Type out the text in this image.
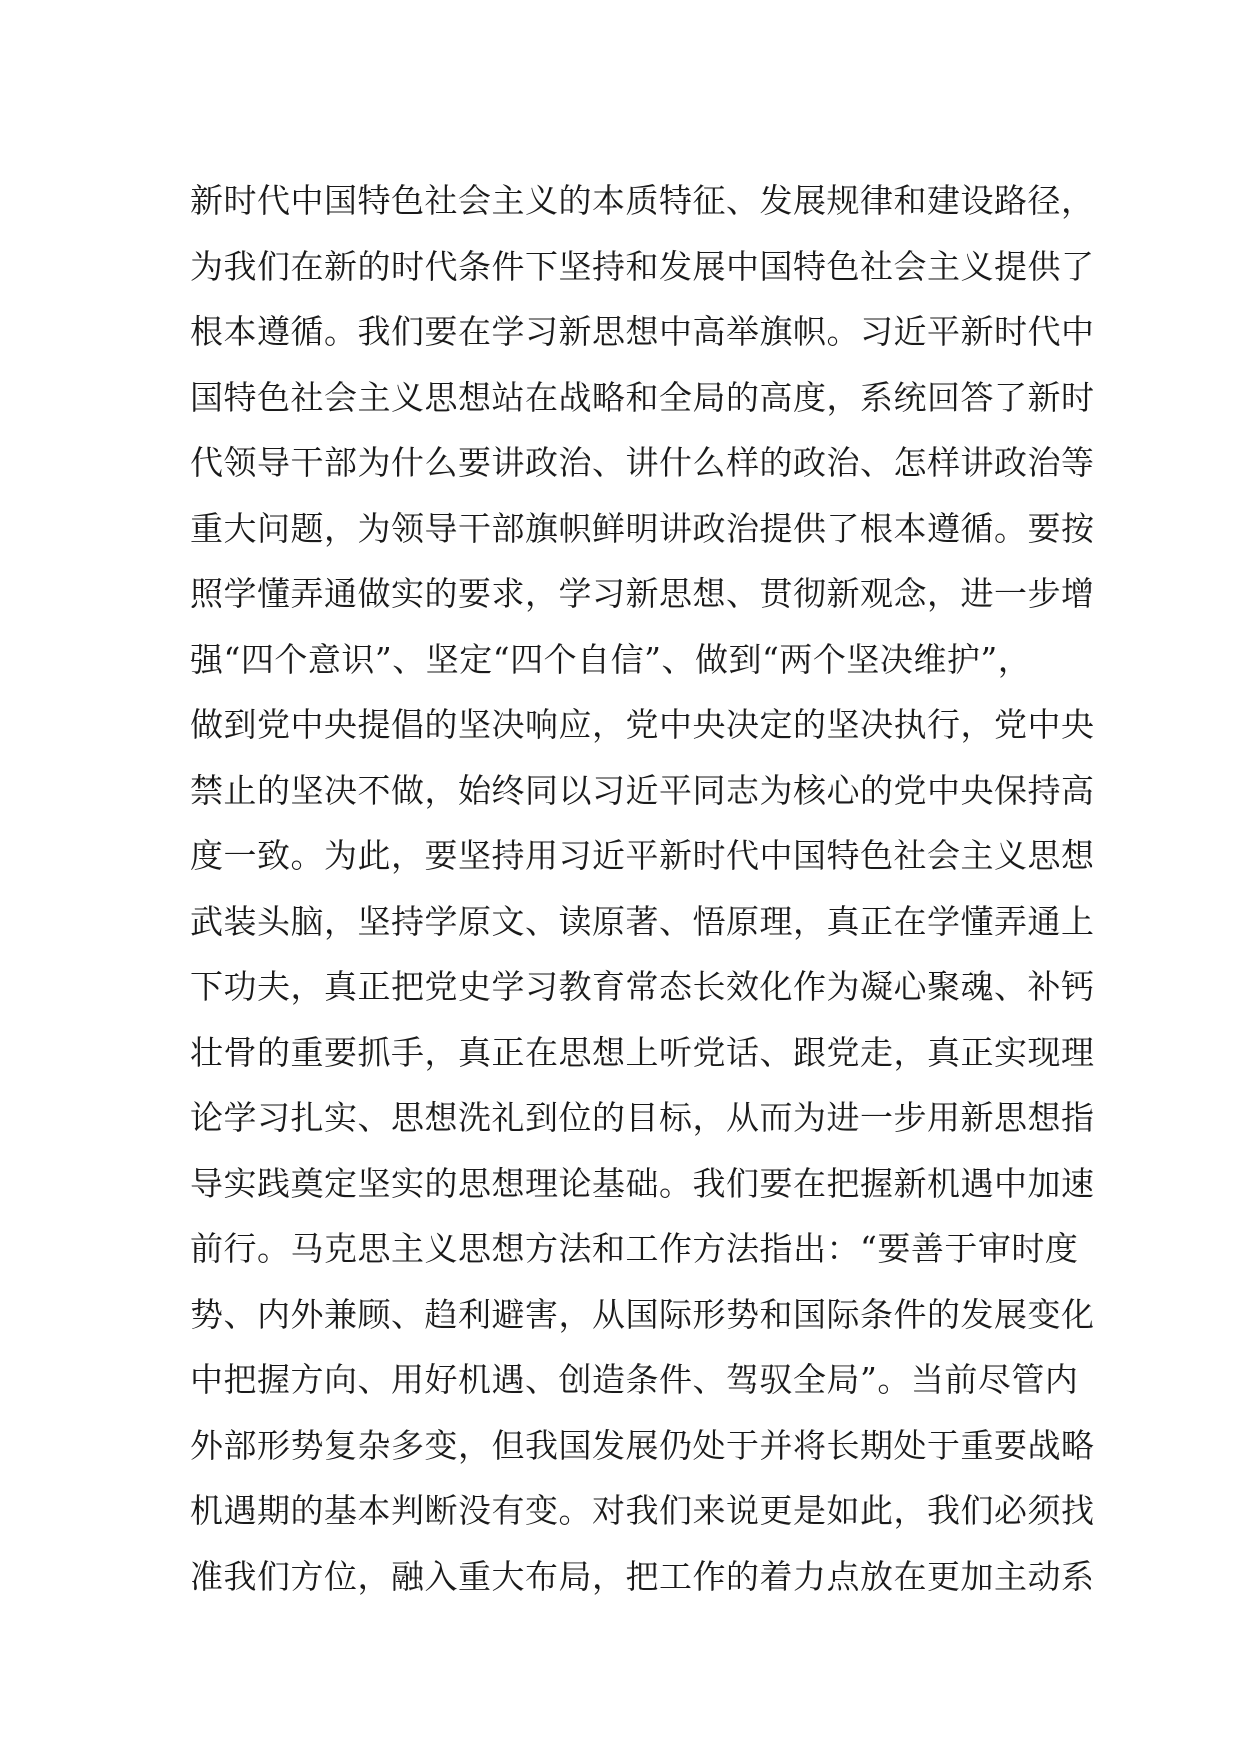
新时代中国特色社会主义的本质特征、发展规律和建设路径，
为我们在新的时代条件下坚持和发展中国特色社会主义提供了
根本遵循。我们要在学习新思想中高举旗帜。习近平新时代中
国特色社会主义思想站在战略和全局的高度，系统回答了新时
代领导干部为什么要讲政治、讲什么样的政治、怎样讲政治等
重大问题，为领导干部旗帜鲜明讲政治提供了根本遵循。要按
照学懂弄通做实的要求，学习新思想、贯彻新观念，进一步增
强“四个意识”、坚定“四个自信”、做到“两个坚决维护”，
做到党中央提倡的坚决响应，党中央决定的坚决执行，党中央
禁止的坚决不做，始终同以习近平同志为核心的党中央保持高
度一致。为此，要坚持用习近平新时代中国特色社会主义思想
武装头脑，坚持学原文、读原著、悟原理，真正在学懂弄通上
下功夫，真正把党史学习教育常态长效化作为凝心聚魂、补钙
壮骨的重要抓手，真正在思想上听党话、跟党走，真正实现理
论学习扎实、思想洗礼到位的目标，从而为进一步用新思想指
导实践奠定坚实的思想理论基础。我们要在把握新机遇中加速
前行。马克思主义思想方法和工作方法指出：“要善于审时度
势、内外兼顾、趋利避害，从国际形势和国际条件的发展变化
中把握方向、用好机遇、创造条件、驾驭全局”。当前尽管内
外部形势复杂多变，但我国发展仍处于并将长期处于重要战略
机遇期的基本判断没有变。对我们来说更是如此，我们必须找
准我们方位，融入重大布局，把工作的着力点放在更加主动系
